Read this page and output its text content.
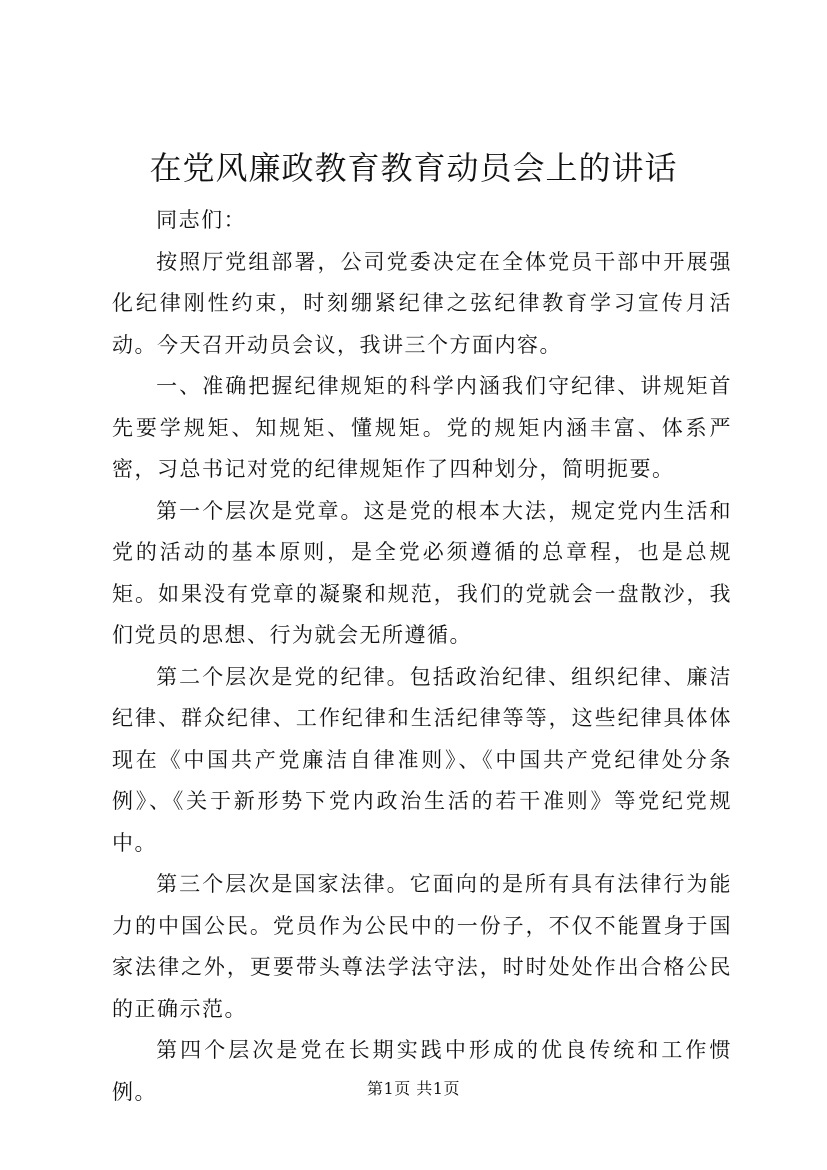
在党风廉政教育教育动员会上的讲话

同志们：

按照厅党组部署，公司党委决定在全体党员干部中开展强化纪律刚性约束，时刻绷紧纪律之弦纪律教育学习宣传月活动。今天召开动员会议，我讲三个方面内容。

一、准确把握纪律规矩的科学内涵我们守纪律、讲规矩首先要学规矩、知规矩、懂规矩。党的规矩内涵丰富、体系严密，习总书记对党的纪律规矩作了四种划分，简明扼要。

第一个层次是党章。这是党的根本大法，规定党内生活和党的活动的基本原则，是全党必须遵循的总章程，也是总规矩。如果没有党章的凝聚和规范，我们的党就会一盘散沙，我们党员的思想、行为就会无所遵循。

第二个层次是党的纪律。包括政治纪律、组织纪律、廉洁纪律、群众纪律、工作纪律和生活纪律等等，这些纪律具体体现在《中国共产党廉洁自律准则》、《中国共产党纪律处分条例》、《关于新形势下党内政治生活的若干准则》等党纪党规中。

第三个层次是国家法律。它面向的是所有具有法律行为能力的中国公民。党员作为公民中的一份子，不仅不能置身于国家法律之外，更要带头尊法学法守法，时时处处作出合格公民的正确示范。

第四个层次是党在长期实践中形成的优良传统和工作惯例。	第1页 共1页
